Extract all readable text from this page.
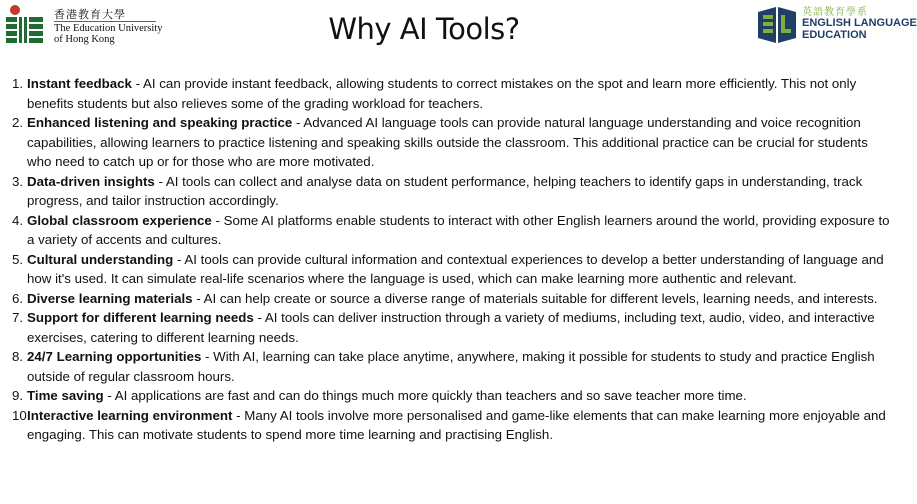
香港教育大學
The Education University
of Hong Kong	Why AI Tools?	英語教育學系
ENGLISH LANGUAGE
EDUCATION
1. Instant feedback - AI can provide instant feedback, allowing students to correct mistakes on the spot and learn more efficiently. This not only benefits students but also relieves some of the grading workload for teachers.
2. Enhanced listening and speaking practice - Advanced AI language tools can provide natural language understanding and voice recognition capabilities, allowing learners to practice listening and speaking skills outside the classroom. This additional practice can be crucial for students who need to catch up or for those who are more motivated.
3. Data-driven insights - AI tools can collect and analyse data on student performance, helping teachers to identify gaps in understanding, track progress, and tailor instruction accordingly.
4. Global classroom experience - Some AI platforms enable students to interact with other English learners around the world, providing exposure to a variety of accents and cultures.
5. Cultural understanding - AI tools can provide cultural information and contextual experiences to develop a better understanding of language and how it's used. It can simulate real-life scenarios where the language is used, which can make learning more authentic and relevant.
6. Diverse learning materials - AI can help create or source a diverse range of materials suitable for different levels, learning needs, and interests.
7. Support for different learning needs - AI tools can deliver instruction through a variety of mediums, including text, audio, video, and interactive exercises, catering to different learning needs.
8. 24/7 Learning opportunities - With AI, learning can take place anytime, anywhere, making it possible for students to study and practice English outside of regular classroom hours.
9. Time saving - AI applications are fast and can do things much more quickly than teachers and so save teacher more time.
10.
Interactive learning environment - Many AI tools involve more personalised and game-like elements that can make learning more enjoyable and engaging. This can motivate students to spend more time learning and practising English.
